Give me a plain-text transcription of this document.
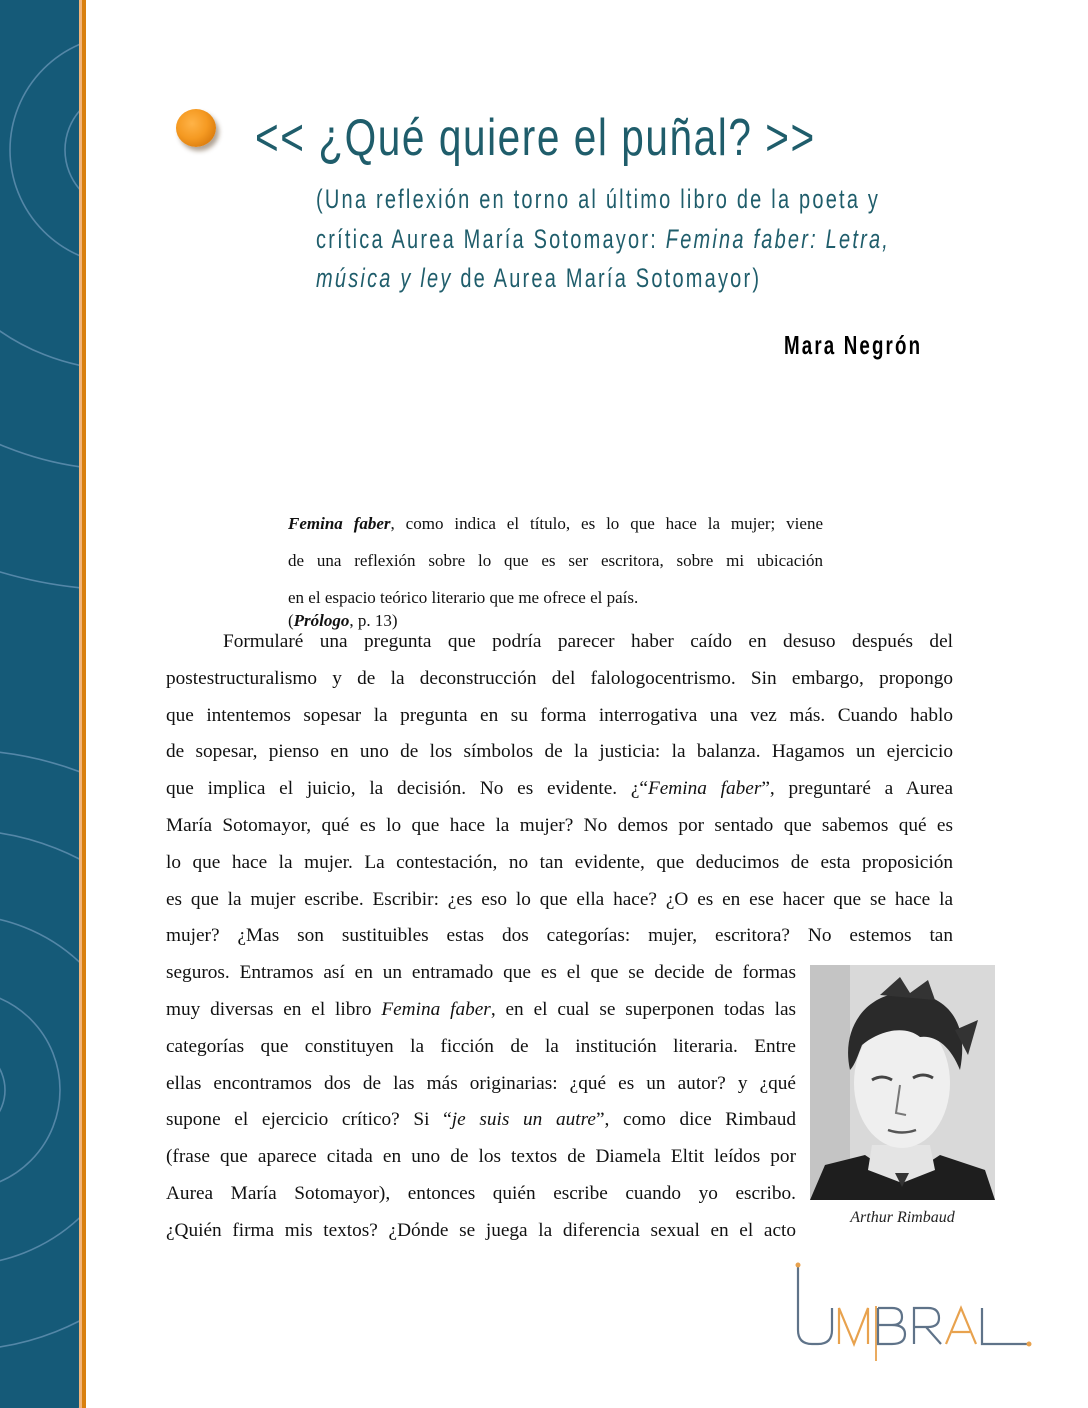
<< ¿Qué quiere el puñal? >>
(Una reflexión en torno al último libro de la poeta y
crítica Aurea María Sotomayor: Femina faber: Letra,
música y ley de Aurea María Sotomayor)
Mara Negrón
Femina faber, como indica el título, es lo que hace la mujer; viene
de una reflexión sobre lo que es ser escritora, sobre mi ubicación
en el espacio teórico literario que me ofrece el país.
(Prólogo, p. 13)
Formularé una pregunta que podría parecer haber caído en desuso después del
postestructuralismo y de la deconstrucción del falologocentrismo. Sin embargo, propongo
que intentemos sopesar la pregunta en su forma interrogativa una vez más. Cuando hablo
de sopesar, pienso en uno de los símbolos de la justicia: la balanza. Hagamos un ejercicio
que implica el juicio, la decisión. No es evidente. ¿“Femina faber”, preguntaré a Aurea
María Sotomayor, qué es lo que hace la mujer? No demos por sentado que sabemos qué es
lo que hace la mujer. La contestación, no tan evidente, que deducimos de esta proposición
es que la mujer escribe. Escribir: ¿es eso lo que ella hace? ¿O es en ese hacer que se hace la
mujer? ¿Mas son sustituibles estas dos categorías: mujer, escritora? No estemos tan
seguros. Entramos así en un entramado que es el que se decide de formas
muy diversas en el libro Femina faber, en el cual se superponen todas las
categorías que constituyen la ficción de la institución literaria. Entre
ellas encontramos dos de las más originarias: ¿qué es un autor? y ¿qué
supone el ejercicio crítico? Si “je suis un autre”, como dice Rimbaud
(frase que aparece citada en uno de los textos de Diamela Eltit leídos por
Aurea María Sotomayor), entonces quién escribe cuando yo escribo.
¿Quién firma mis textos? ¿Dónde se juega la diferencia sexual en el acto
Arthur Rimbaud
